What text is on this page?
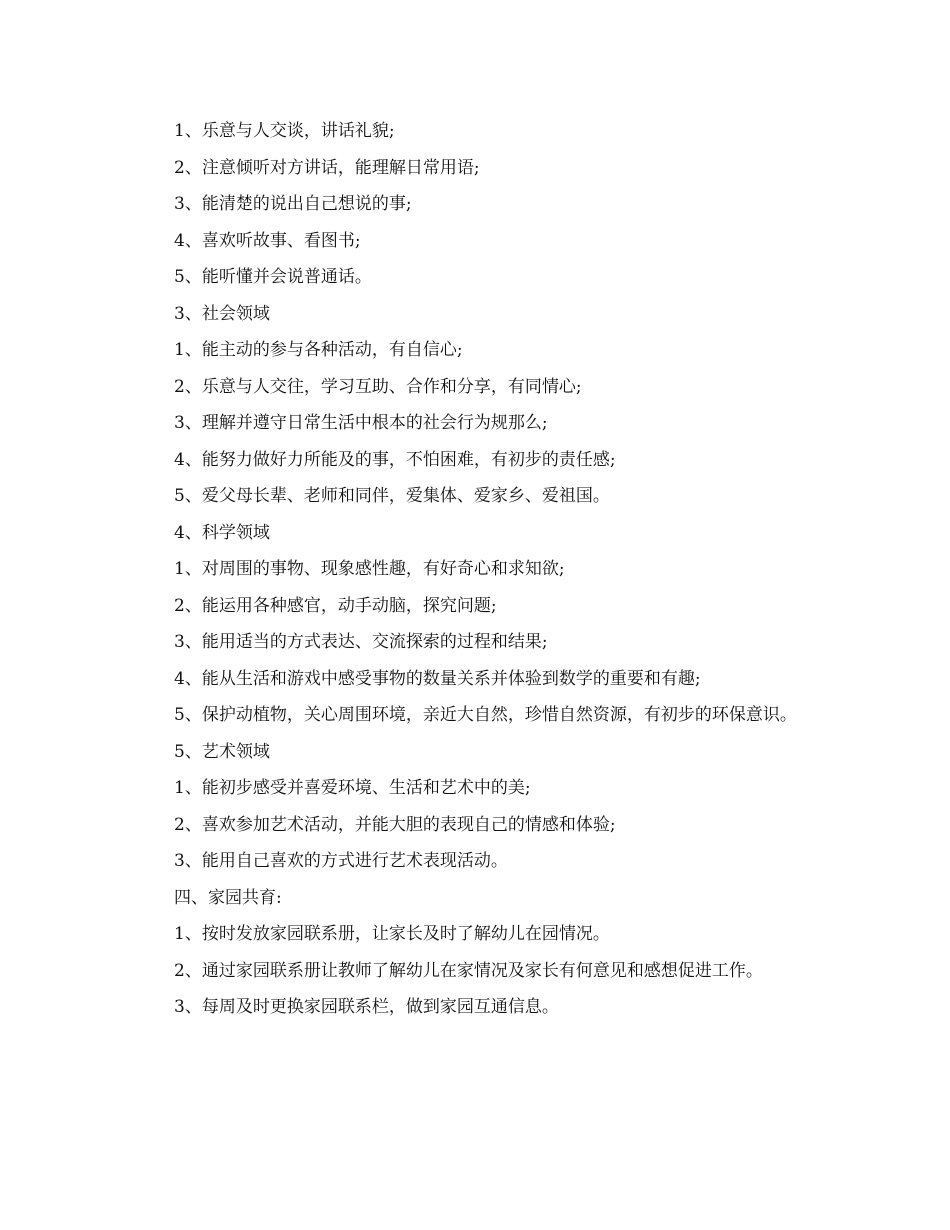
1、乐意与人交谈，讲话礼貌;

2、注意倾听对方讲话，能理解日常用语;

3、能清楚的说出自己想说的事;

4、喜欢听故事、看图书;

5、能听懂并会说普通话。

3、社会领域

1、能主动的参与各种活动，有自信心;

2、乐意与人交往，学习互助、合作和分享，有同情心;

3、理解并遵守日常生活中根本的社会行为规那么;

4、能努力做好力所能及的事，不怕困难，有初步的责任感;

5、爱父母长辈、老师和同伴，爱集体、爱家乡、爱祖国。

4、科学领域

1、对周围的事物、现象感性趣，有好奇心和求知欲;

2、能运用各种感官，动手动脑，探究问题;

3、能用适当的方式表达、交流探索的过程和结果;

4、能从生活和游戏中感受事物的数量关系并体验到数学的重要和有趣;

5、保护动植物，关心周围环境，亲近大自然，珍惜自然资源，有初步的环保意识。

5、艺术领域

1、能初步感受并喜爱环境、生活和艺术中的美;

2、喜欢参加艺术活动，并能大胆的表现自己的情感和体验;

3、能用自己喜欢的方式进行艺术表现活动。

四、家园共育:

1、按时发放家园联系册，让家长及时了解幼儿在园情况。

2、通过家园联系册让教师了解幼儿在家情况及家长有何意见和感想促进工作。

3、每周及时更换家园联系栏，做到家园互通信息。
